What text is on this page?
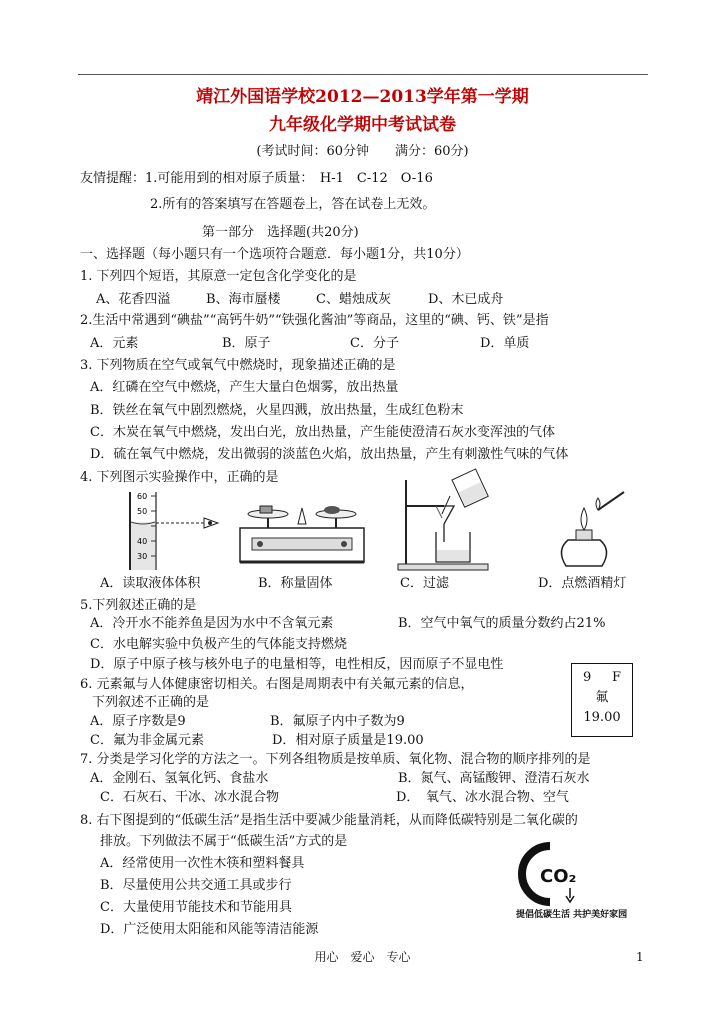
靖江外国语学校2012—2013学年第一学期
九年级化学期中考试试卷
(考试时间：60分钟　　满分：60分)
友情提醒：1.可能用到的相对原子质量：　H-1　C-12　O-16
2.所有的答案填写在答题卷上，答在试卷上无效。
第一部分　选择题(共20分)
一、选择题（每小题只有一个选项符合题意．每小题1分，共10分）
1. 下列四个短语，其原意一定包含化学变化的是
A、花香四溢	B、海市蜃楼	C、蜡烛成灰	D、木已成舟
2.生活中常遇到“碘盐”“高钙牛奶”“铁强化酱油”等商品，这里的“碘、钙、铁”是指
A．元素	B．原子	C．分子	D．单质
3. 下列物质在空气或氧气中燃烧时，现象描述正确的是
A．红磷在空气中燃烧，产生大量白色烟雾，放出热量
B．铁丝在氧气中剧烈燃烧，火星四溅，放出热量，生成红色粉末
C．木炭在氧气中燃烧，发出白光，放出热量，产生能使澄清石灰水变浑浊的气体
D．硫在氧气中燃烧，发出微弱的淡蓝色火焰，放出热量，产生有刺激性气味的气体
4. 下列图示实验操作中，正确的是
60
50
40
30
A．读取液体体积	B．称量固体	C．过滤	D．点燃酒精灯
5.下列叙述正确的是
A．冷开水不能养鱼是因为水中不含氧元素	B．空气中氧气的质量分数约占21%
C．水电解实验中负极产生的气体能支持燃烧
D．原子中原子核与核外电子的电量相等，电性相反，因而原子不显电性
6. 元素氟与人体健康密切相关。右图是周期表中有关氟元素的信息，
下列叙述不正确的是
A．原子序数是9	B．氟原子内中子数为9
C．氟为非金属元素	D．相对原子质量是19.00
9 F
氟
19.00
7. 分类是学习化学的方法之一。下列各组物质是按单质、氧化物、混合物的顺序排列的是
A．金刚石、氢氧化钙、食盐水	B．氮气、高锰酸钾、澄清石灰水
C．石灰石、干冰、冰水混合物	D．　氧气、冰水混合物、空气
8. 右下图提到的“低碳生活”是指生活中要减少能量消耗，从而降低碳特别是二氧化碳的
排放。下列做法不属于“低碳生活”方式的是
A．经常使用一次性木筷和塑料餐具
B．尽量使用公共交通工具或步行
C．大量使用节能技术和节能用具
D．广泛使用太阳能和风能等清洁能源
CO₂
提倡低碳生活 共护美好家园
用心　爱心　专心	1
